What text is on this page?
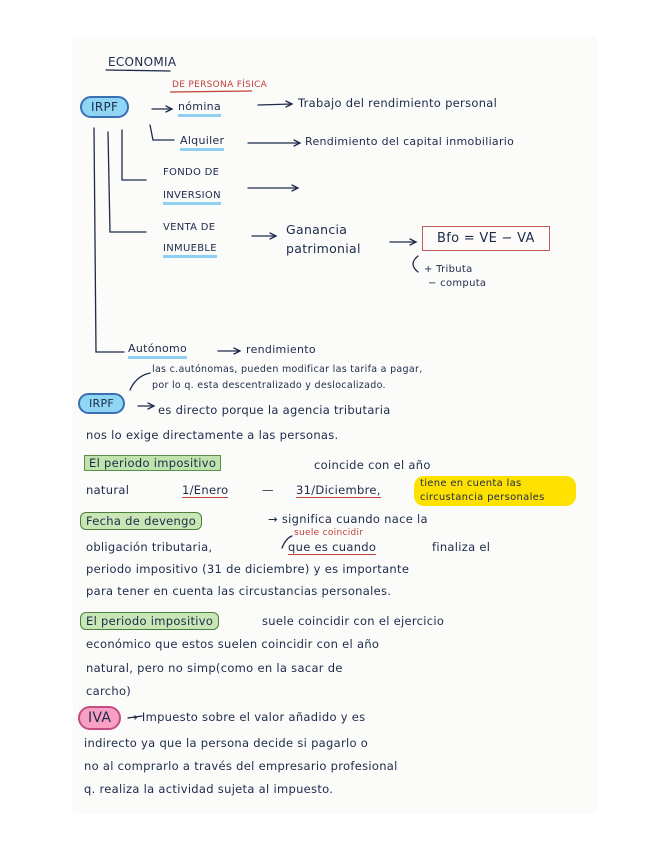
ECONOMIA
DE PERSONA FÍSICA
IRPF	nómina	Trabajo del rendimiento personal
Alquiler	Rendimiento del capital inmobiliario
FONDO DE
INVERSION
VENTA DE
INMUEBLE
Ganancia
patrimonial
Bfo = VE − VA
+ Tributa
− computa
Autónomo	rendimiento
las c.autónomas, pueden modificar las tarifa a pagar,
por lo q. esta descentralizado y deslocalizado.
IRPF	es directo porque la agencia tributaria
nos lo exige directamente a las personas.
El periodo impositivo	coincide con el año
natural	1/Enero	— 31/Diciembre,	tiene en cuenta las
circustancia personales
Fecha de devengo	→ significa cuando nace la
suele coincidir
obligación tributaria,	que es cuando	finaliza el
periodo impositivo (31 de diciembre) y es importante
para tener en cuenta las circustancias personales.
El periodo impositivo	suele coincidir con el ejercicio
económico que estos suelen coincidir con el año
natural, pero no simp(como en la sacar de
carcho)
IVA	→ Impuesto sobre el valor añadido y es
indirecto ya que la persona decide si pagarlo o
no al comprarlo a través del empresario profesional
q. realiza la actividad sujeta al impuesto.
